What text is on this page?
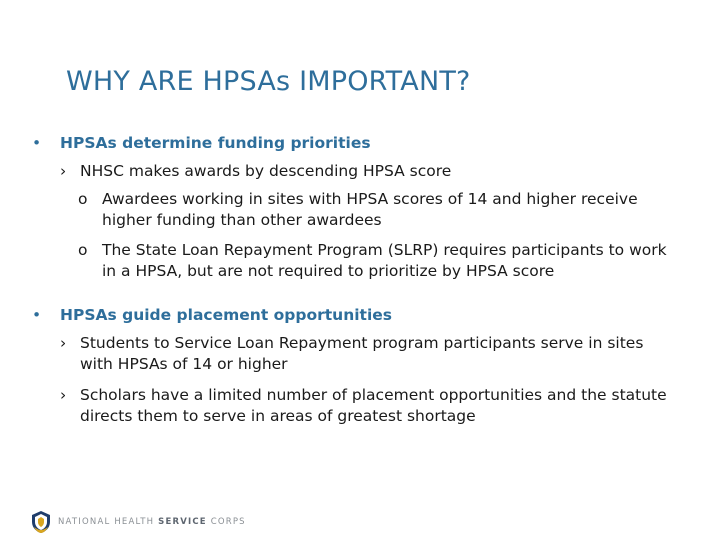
WHY ARE HPSAs IMPORTANT?
• HPSAs determine funding priorities
› NHSC makes awards by descending HPSA score
o Awardees working in sites with HPSA scores of 14 and higher receive higher funding than other awardees
o The State Loan Repayment Program (SLRP) requires participants to work in a HPSA, but are not required to prioritize by HPSA score
• HPSAs guide placement opportunities
› Students to Service Loan Repayment program participants serve in sites with HPSAs of 14 or higher
› Scholars have a limited number of placement opportunities and the statute directs them to serve in areas of greatest shortage
NATIONAL HEALTH SERVICE CORPS
